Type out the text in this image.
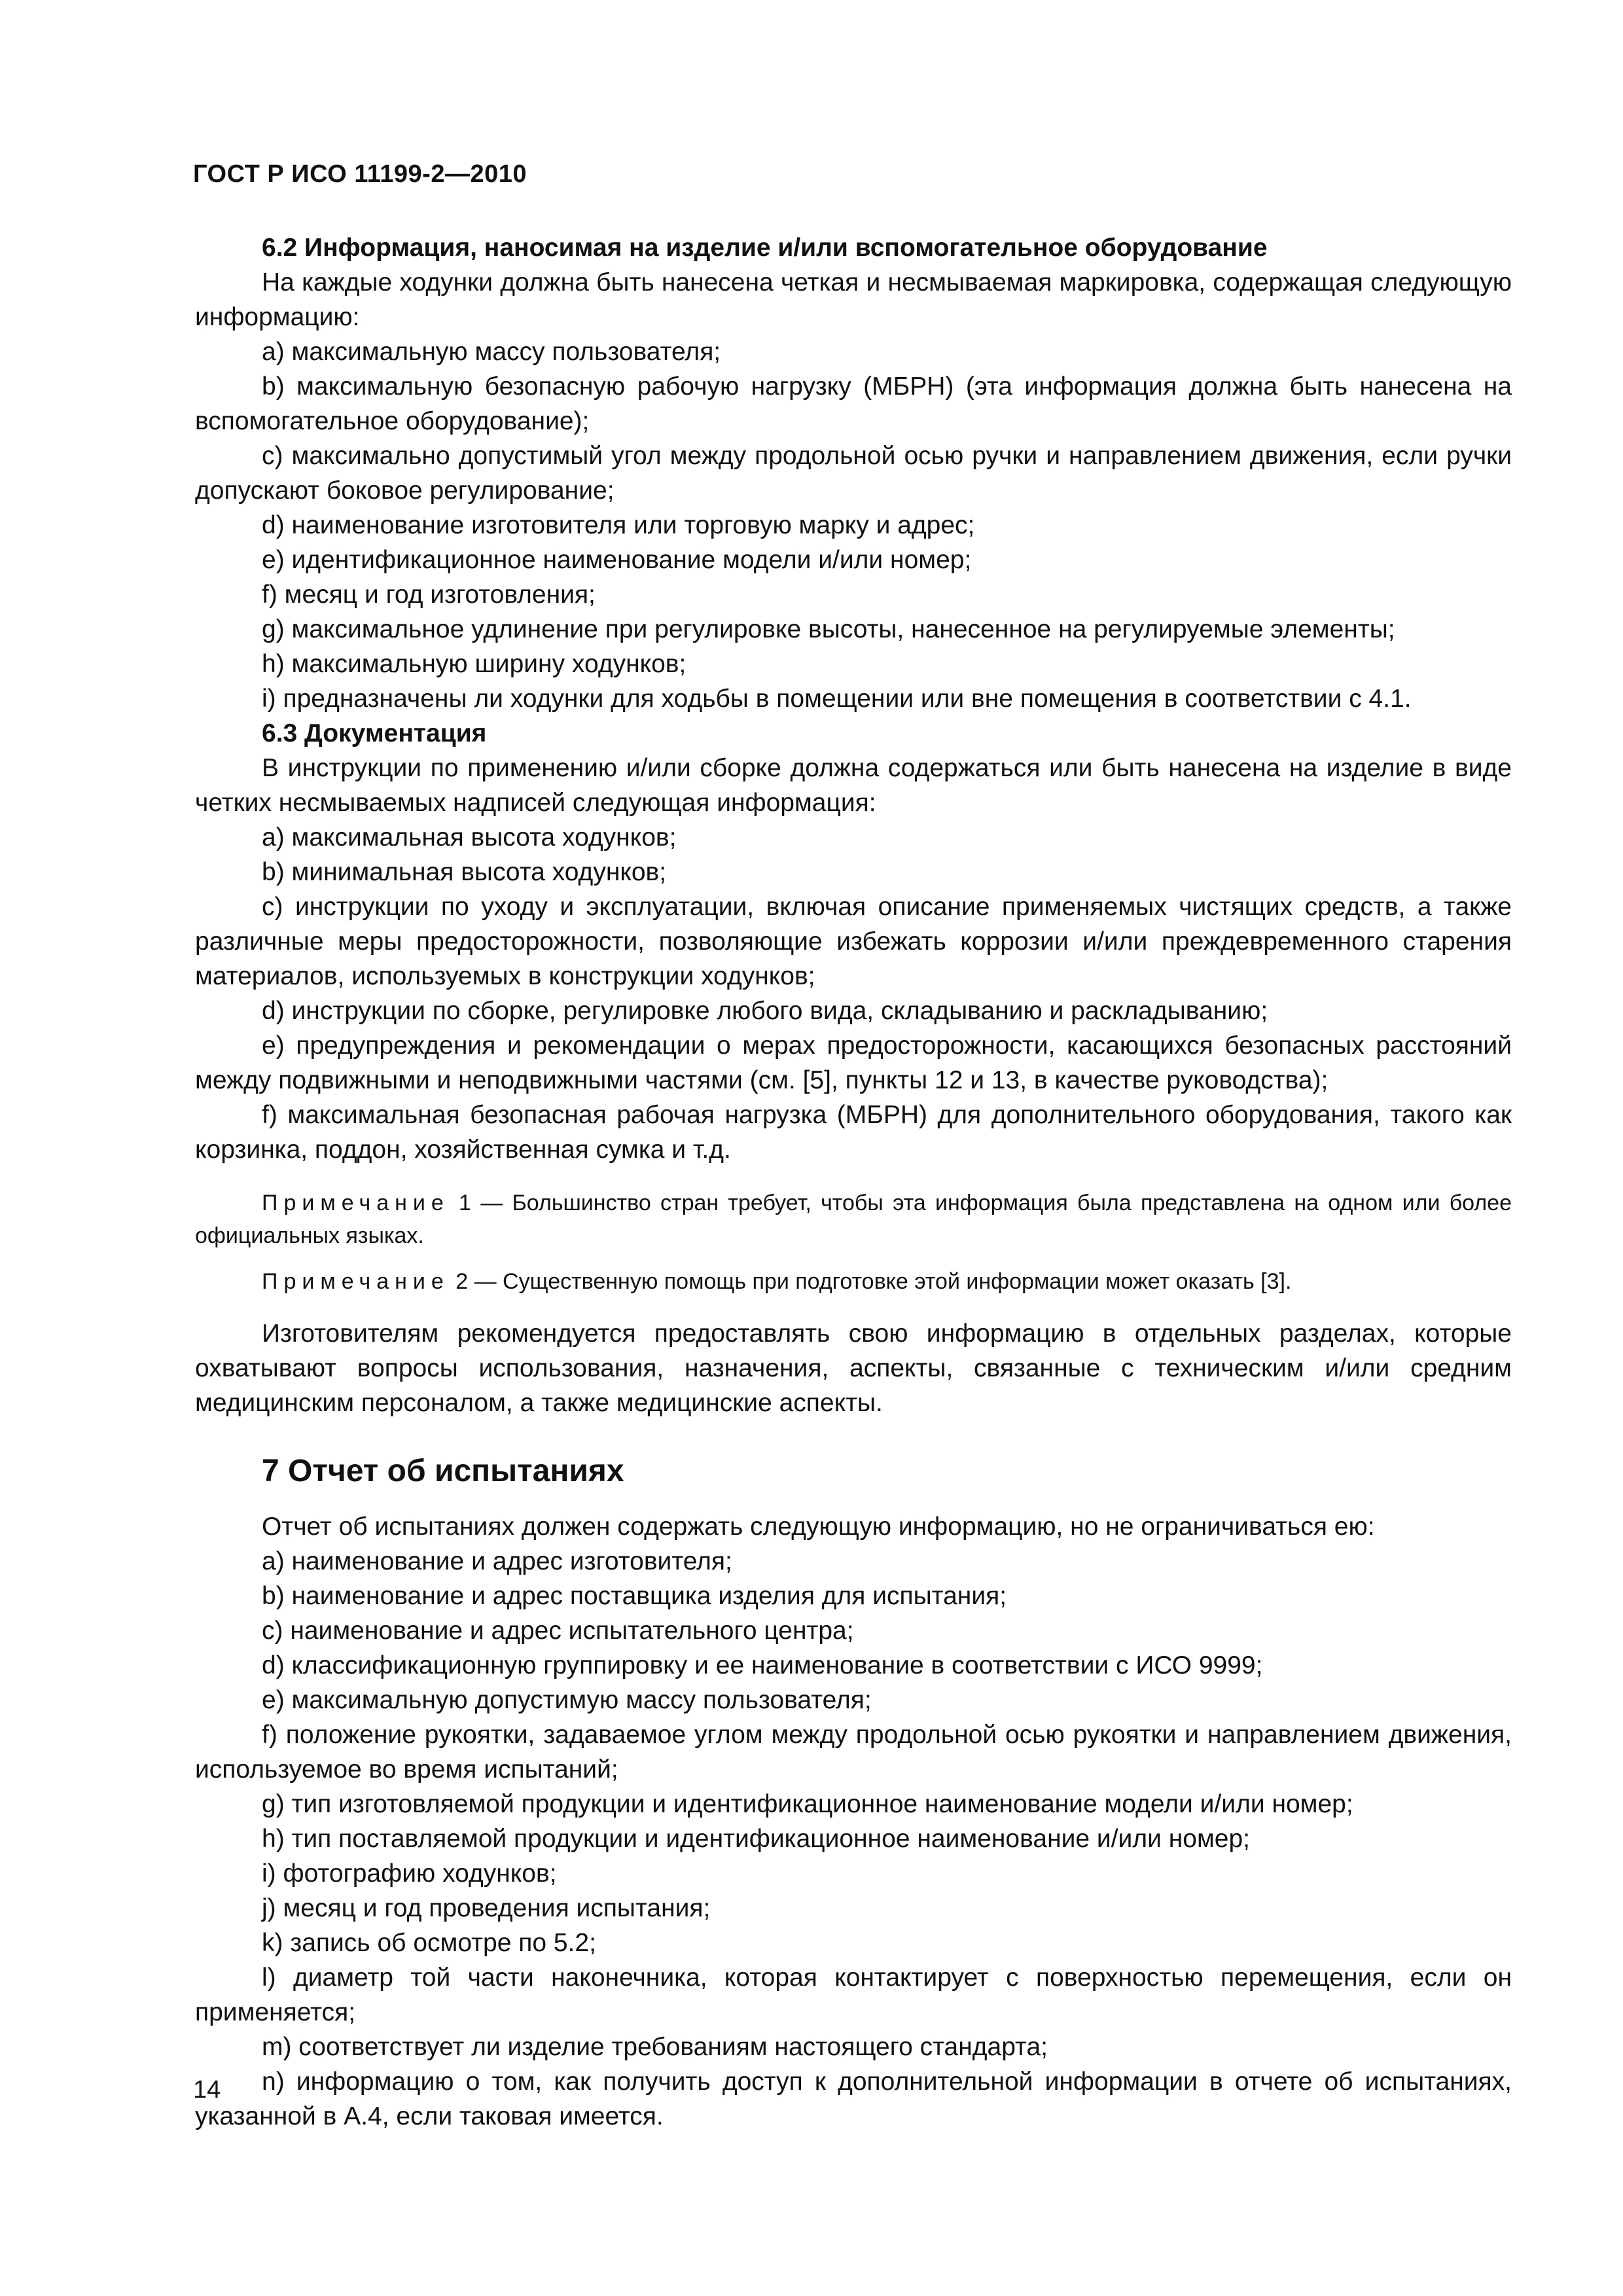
ГОСТ Р ИСО 11199-2—2010

6.2 Информация, наносимая на изделие и/или вспомогательное оборудование

На каждые ходунки должна быть нанесена четкая и несмываемая маркировка, содержащая следующую информацию:

a) максимальную массу пользователя;

b) максимальную безопасную рабочую нагрузку (МБРН) (эта информация должна быть нанесена на вспомогательное оборудование);

c) максимально допустимый угол между продольной осью ручки и направлением движения, если ручки допускают боковое регулирование;

d) наименование изготовителя или торговую марку и адрес;

e) идентификационное наименование модели и/или номер;

f) месяц и год изготовления;

g) максимальное удлинение при регулировке высоты, нанесенное на регулируемые элементы;

h) максимальную ширину ходунков;

i) предназначены ли ходунки для ходьбы в помещении или вне помещения в соответствии с 4.1.

6.3 Документация

В инструкции по применению и/или сборке должна содержаться или быть нанесена на изделие в виде четких несмываемых надписей следующая информация:

a) максимальная высота ходунков;

b) минимальная высота ходунков;

c) инструкции по уходу и эксплуатации, включая описание применяемых чистящих средств, а также различные меры предосторожности, позволяющие избежать коррозии и/или преждевременного старения материалов, используемых в конструкции ходунков;

d) инструкции по сборке, регулировке любого вида, складыванию и раскладыванию;

e) предупреждения и рекомендации о мерах предосторожности, касающихся безопасных расстояний между подвижными и неподвижными частями (см. [5], пункты 12 и 13, в качестве руководства);

f) максимальная безопасная рабочая нагрузка (МБРН) для дополнительного оборудования, такого как корзинка, поддон, хозяйственная сумка и т.д.

Примечание 1 — Большинство стран требует, чтобы эта информация была представлена на одном или более официальных языках.

Примечание 2 — Существенную помощь при подготовке этой информации может оказать [3].

Изготовителям рекомендуется предоставлять свою информацию в отдельных разделах, которые охватывают вопросы использования, назначения, аспекты, связанные с техническим и/или средним медицинским персоналом, а также медицинские аспекты.

7 Отчет об испытаниях

Отчет об испытаниях должен содержать следующую информацию, но не ограничиваться ею:

a) наименование и адрес изготовителя;

b) наименование и адрес поставщика изделия для испытания;

c) наименование и адрес испытательного центра;

d) классификационную группировку и ее наименование в соответствии с ИСО 9999;

e) максимальную допустимую массу пользователя;

f) положение рукоятки, задаваемое углом между продольной осью рукоятки и направлением движения, используемое во время испытаний;

g) тип изготовляемой продукции и идентификационное наименование модели и/или номер;

h) тип поставляемой продукции и идентификационное наименование и/или номер;

i) фотографию ходунков;

j) месяц и год проведения испытания;

k) запись об осмотре по 5.2;

l) диаметр той части наконечника, которая контактирует с поверхностью перемещения, если он применяется;

m) соответствует ли изделие требованиям настоящего стандарта;

n) информацию о том, как получить доступ к дополнительной информации в отчете об испытаниях, указанной в А.4, если таковая имеется.

14
